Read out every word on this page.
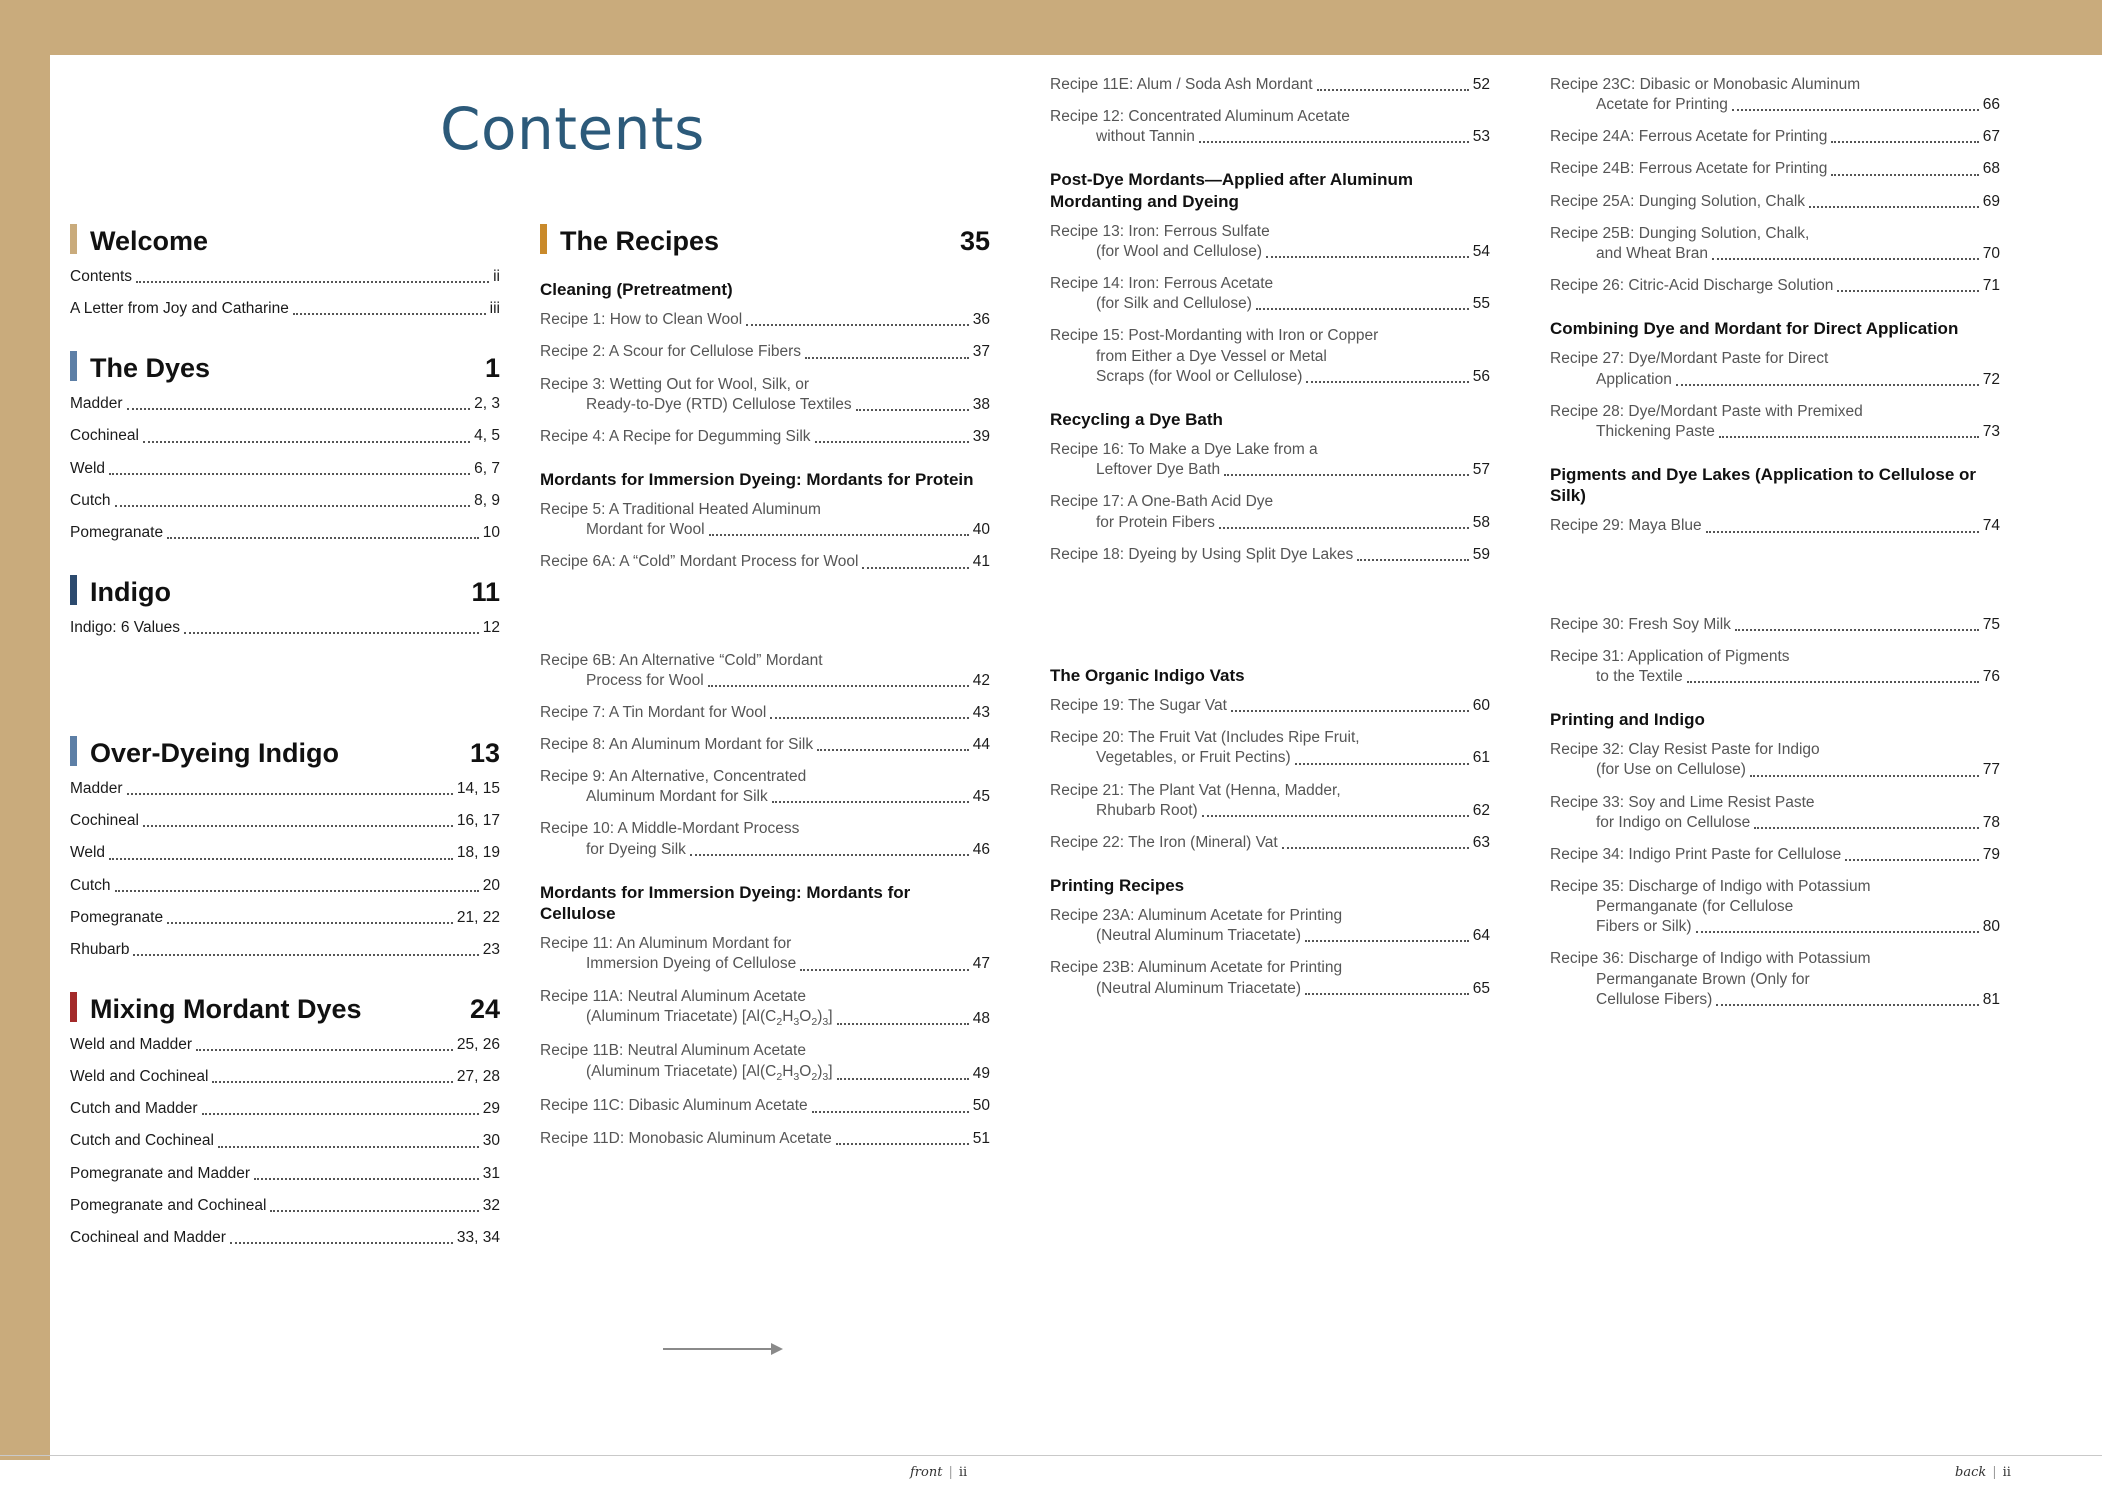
Contents
Welcome
Contents	ii
A Letter from Joy and Catharine	iii
The Dyes	1
Madder	2, 3
Cochineal	4, 5
Weld	6, 7
Cutch	8, 9
Pomegranate	10
Indigo	11
Indigo: 6 Values	12
Over-Dyeing Indigo	13
Madder	14, 15
Cochineal	16, 17
Weld	18, 19
Cutch	20
Pomegranate	21, 22
Rhubarb	23
Mixing Mordant Dyes	24
Weld and Madder	25, 26
Weld and Cochineal	27, 28
Cutch and Madder	29
Cutch and Cochineal	30
Pomegranate and Madder	31
Pomegranate and Cochineal	32
Cochineal and Madder	33, 34
The Recipes	35
Cleaning (Pretreatment)
Recipe 1: How to Clean Wool	36
Recipe 2: A Scour for Cellulose Fibers	37
Recipe 3: Wetting Out for Wool, Silk, or
Ready-to-Dye (RTD) Cellulose Textiles	38
Recipe 4: A Recipe for Degumming Silk	39
Mordants for Immersion Dyeing: Mordants for Protein
Recipe 5: A Traditional Heated Aluminum
Mordant for Wool	40
Recipe 6A: A “Cold” Mordant Process for Wool	41
Recipe 6B: An Alternative “Cold” Mordant
Process for Wool	42
Recipe 7: A Tin Mordant for Wool	43
Recipe 8: An Aluminum Mordant for Silk	44
Recipe 9: An Alternative, Concentrated
Aluminum Mordant for Silk	45
Recipe 10: A Middle-Mordant Process
for Dyeing Silk	46
Mordants for Immersion Dyeing: Mordants for Cellulose
Recipe 11: An Aluminum Mordant for
Immersion Dyeing of Cellulose	47
Recipe 11A: Neutral Aluminum Acetate
(Aluminum Triacetate) $[Al(C_2H_3O_2)_3]$	48
Recipe 11B: Neutral Aluminum Acetate
(Aluminum Triacetate) $[Al(C_2H_3O_2)_3]$	49
Recipe 11C: Dibasic Aluminum Acetate	50
Recipe 11D: Monobasic Aluminum Acetate	51
Recipe 11E: Alum / Soda Ash Mordant	52
Recipe 12: Concentrated Aluminum Acetate
without Tannin	53
Post-Dye Mordants—Applied after Aluminum Mordanting and Dyeing
Recipe 13: Iron: Ferrous Sulfate
(for Wool and Cellulose)	54
Recipe 14: Iron: Ferrous Acetate
(for Silk and Cellulose)	55
Recipe 15: Post-Mordanting with Iron or Copper
from Either a Dye Vessel or Metal
Scraps (for Wool or Cellulose)	56
Recycling a Dye Bath
Recipe 16: To Make a Dye Lake from a
Leftover Dye Bath	57
Recipe 17: A One-Bath Acid Dye
for Protein Fibers	58
Recipe 18: Dyeing by Using Split Dye Lakes	59
The Organic Indigo Vats
Recipe 19: The Sugar Vat	60
Recipe 20: The Fruit Vat (Includes Ripe Fruit,
Vegetables, or Fruit Pectins)	61
Recipe 21: The Plant Vat (Henna, Madder,
Rhubarb Root)	62
Recipe 22: The Iron (Mineral) Vat	63
Printing Recipes
Recipe 23A: Aluminum Acetate for Printing
(Neutral Aluminum Triacetate)	64
Recipe 23B: Aluminum Acetate for Printing
(Neutral Aluminum Triacetate)	65
Recipe 23C: Dibasic or Monobasic Aluminum
Acetate for Printing	66
Recipe 24A: Ferrous Acetate for Printing	67
Recipe 24B: Ferrous Acetate for Printing	68
Recipe 25A: Dunging Solution, Chalk	69
Recipe 25B: Dunging Solution, Chalk,
and Wheat Bran	70
Recipe 26: Citric-Acid Discharge Solution	71
Combining Dye and Mordant for Direct Application
Recipe 27: Dye/Mordant Paste for Direct
Application	72
Recipe 28: Dye/Mordant Paste with Premixed
Thickening Paste	73
Pigments and Dye Lakes (Application to Cellulose or Silk)
Recipe 29: Maya Blue	74
Recipe 30: Fresh Soy Milk	75
Recipe 31: Application of Pigments
to the Textile	76
Printing and Indigo
Recipe 32: Clay Resist Paste for Indigo
(for Use on Cellulose)	77
Recipe 33: Soy and Lime Resist Paste
for Indigo on Cellulose	78
Recipe 34: Indigo Print Paste for Cellulose	79
Recipe 35: Discharge of Indigo with Potassium
Permanganate (for Cellulose
Fibers or Silk)	80
Recipe 36: Discharge of Indigo with Potassium
Permanganate Brown (Only for
Cellulose Fibers)	81
front | ii	back | ii
